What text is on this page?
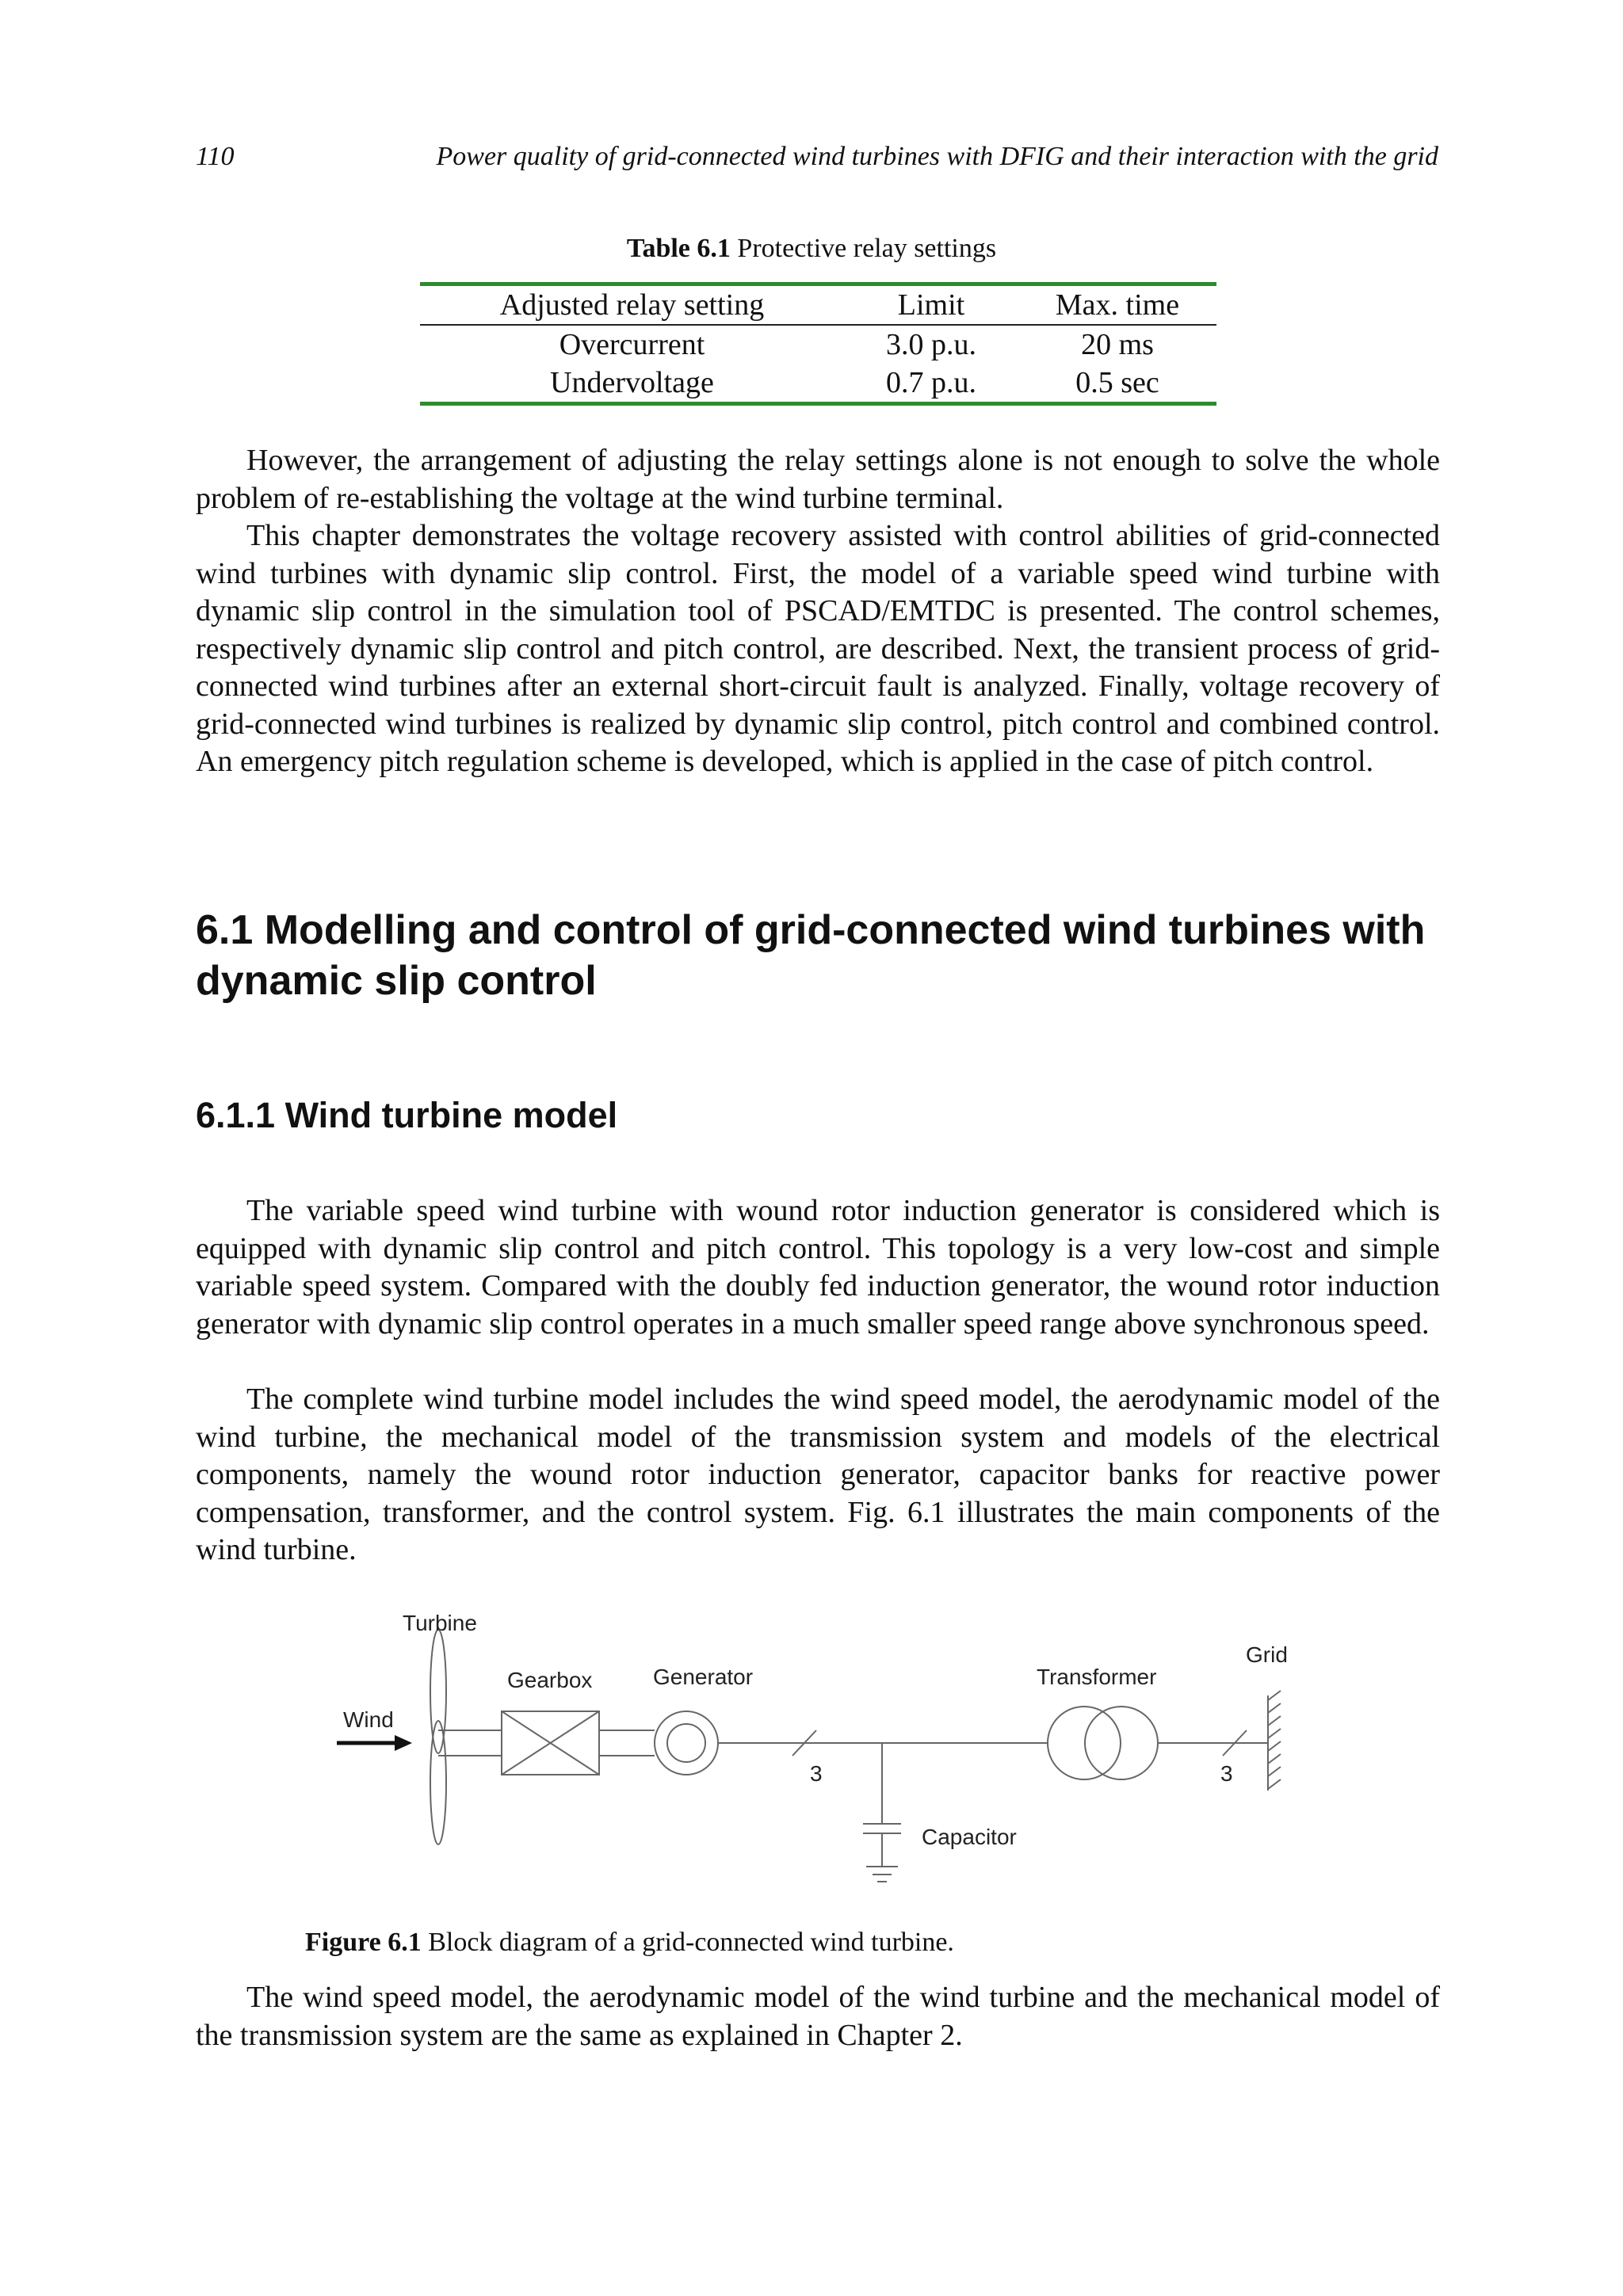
110	Power quality of grid-connected wind turbines with DFIG and their interaction with the grid
Table 6.1 Protective relay settings
Adjusted relay setting	Limit	Max. time
Overcurrent	3.0 p.u.	20 ms
Undervoltage	0.7 p.u.	0.5 sec

However, the arrangement of adjusting the relay settings alone is not enough to solve the whole problem of re-establishing the voltage at the wind turbine terminal.

This chapter demonstrates the voltage recovery assisted with control abilities of grid-connected wind turbines with dynamic slip control. First, the model of a variable speed wind turbine with dynamic slip control in the simulation tool of PSCAD/EMTDC is presented. The control schemes, respectively dynamic slip control and pitch control, are described. Next, the transient process of grid-connected wind turbines after an external short-circuit fault is analyzed. Finally, voltage recovery of grid-connected wind turbines is realized by dynamic slip control, pitch control and combined control. An emergency pitch regulation scheme is developed, which is applied in the case of pitch control.

6.1 Modelling and control of grid-connected wind turbines with dynamic slip control
6.1.1 Wind turbine model

The variable speed wind turbine with wound rotor induction generator is considered which is equipped with dynamic slip control and pitch control. This topology is a very low-cost and simple variable speed system. Compared with the doubly fed induction generator, the wound rotor induction generator with dynamic slip control operates in a much smaller speed range above synchronous speed.

The complete wind turbine model includes the wind speed model, the aerodynamic model of the wind turbine, the mechanical model of the transmission system and models of the electrical components, namely the wound rotor induction generator, capacitor banks for reactive power compensation, transformer, and the control system. Fig. 6.1 illustrates the main components of the wind turbine.

Turbine
Gearbox	Generator	Transformer
Grid
Wind
Capacitor
3	3
Figure 6.1 Block diagram of a grid-connected wind turbine.

The wind speed model, the aerodynamic model of the wind turbine and the mechanical model of the transmission system are the same as explained in Chapter 2.
